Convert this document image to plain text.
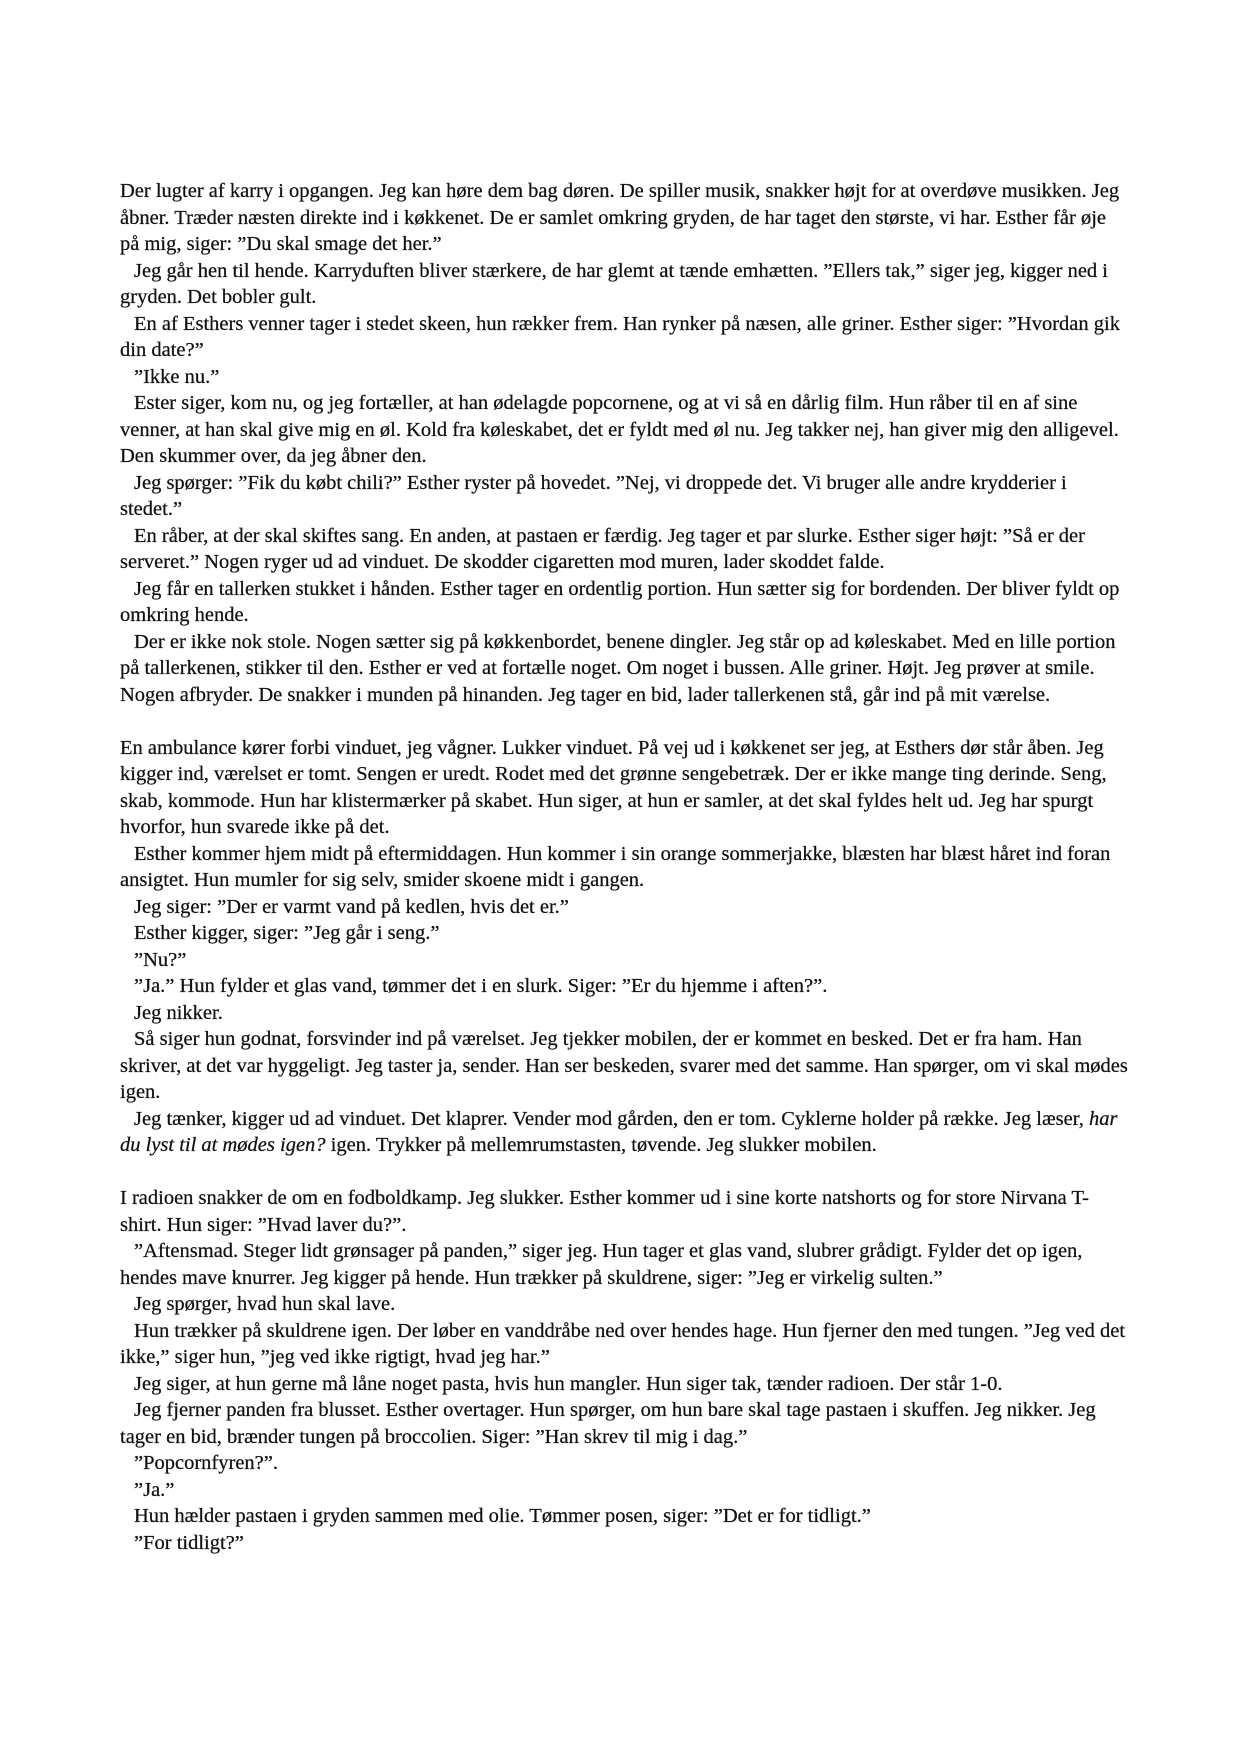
Der lugter af karry i opgangen. Jeg kan høre dem bag døren. De spiller musik, snakker højt for at overdøve musikken. Jeg åbner. Træder næsten direkte ind i køkkenet. De er samlet omkring gryden, de har taget den største, vi har. Esther får øje på mig, siger: ”Du skal smage det her.”

Jeg går hen til hende. Karryduften bliver stærkere, de har glemt at tænde emhætten. ”Ellers tak,” siger jeg, kigger ned i gryden. Det bobler gult.

En af Esthers venner tager i stedet skeen, hun rækker frem. Han rynker på næsen, alle griner. Esther siger: ”Hvordan gik din date?”

”Ikke nu.”

Ester siger, kom nu, og jeg fortæller, at han ødelagde popcornene, og at vi så en dårlig film. Hun råber til en af sine venner, at han skal give mig en øl. Kold fra køleskabet, det er fyldt med øl nu. Jeg takker nej, han giver mig den alligevel. Den skummer over, da jeg åbner den.

Jeg spørger: ”Fik du købt chili?” Esther ryster på hovedet. ”Nej, vi droppede det. Vi bruger alle andre krydderier i stedet.”

En råber, at der skal skiftes sang. En anden, at pastaen er færdig. Jeg tager et par slurke. Esther siger højt: ”Så er der serveret.” Nogen ryger ud ad vinduet. De skodder cigaretten mod muren, lader skoddet falde.

Jeg får en tallerken stukket i hånden. Esther tager en ordentlig portion. Hun sætter sig for bordenden. Der bliver fyldt op omkring hende.

Der er ikke nok stole. Nogen sætter sig på køkkenbordet, benene dingler. Jeg står op ad køleskabet. Med en lille portion på tallerkenen, stikker til den. Esther er ved at fortælle noget. Om noget i bussen. Alle griner. Højt. Jeg prøver at smile. Nogen afbryder. De snakker i munden på hinanden. Jeg tager en bid, lader tallerkenen stå, går ind på mit værelse.

En ambulance kører forbi vinduet, jeg vågner. Lukker vinduet. På vej ud i køkkenet ser jeg, at Esthers dør står åben. Jeg kigger ind, værelset er tomt. Sengen er uredt. Rodet med det grønne sengebetræk. Der er ikke mange ting derinde. Seng, skab, kommode. Hun har klistermærker på skabet. Hun siger, at hun er samler, at det skal fyldes helt ud. Jeg har spurgt hvorfor, hun svarede ikke på det.

Esther kommer hjem midt på eftermiddagen. Hun kommer i sin orange sommerjakke, blæsten har blæst håret ind foran ansigtet. Hun mumler for sig selv, smider skoene midt i gangen.

Jeg siger: ”Der er varmt vand på kedlen, hvis det er.”

Esther kigger, siger: ”Jeg går i seng.”

”Nu?”

”Ja.” Hun fylder et glas vand, tømmer det i en slurk. Siger: ”Er du hjemme i aften?”.

Jeg nikker.

Så siger hun godnat, forsvinder ind på værelset. Jeg tjekker mobilen, der er kommet en besked. Det er fra ham. Han skriver, at det var hyggeligt. Jeg taster ja, sender. Han ser beskeden, svarer med det samme. Han spørger, om vi skal mødes igen.

Jeg tænker, kigger ud ad vinduet. Det klaprer. Vender mod gården, den er tom. Cyklerne holder på række. Jeg læser, har du lyst til at mødes igen? igen. Trykker på mellemrumstasten, tøvende. Jeg slukker mobilen.

I radioen snakker de om en fodboldkamp. Jeg slukker. Esther kommer ud i sine korte natshorts og for store Nirvana T-shirt. Hun siger: ”Hvad laver du?”.

”Aftensmad. Steger lidt grønsager på panden,” siger jeg. Hun tager et glas vand, slubrer grådigt. Fylder det op igen, hendes mave knurrer. Jeg kigger på hende. Hun trækker på skuldrene, siger: ”Jeg er virkelig sulten.”

Jeg spørger, hvad hun skal lave.

Hun trækker på skuldrene igen. Der løber en vanddråbe ned over hendes hage. Hun fjerner den med tungen. ”Jeg ved det ikke,” siger hun, ”jeg ved ikke rigtigt, hvad jeg har.”

Jeg siger, at hun gerne må låne noget pasta, hvis hun mangler. Hun siger tak, tænder radioen. Der står 1-0.

Jeg fjerner panden fra blusset. Esther overtager. Hun spørger, om hun bare skal tage pastaen i skuffen. Jeg nikker. Jeg tager en bid, brænder tungen på broccolien. Siger: ”Han skrev til mig i dag.”

”Popcornfyren?”.

”Ja.”

Hun hælder pastaen i gryden sammen med olie. Tømmer posen, siger: ”Det er for tidligt.”

”For tidligt?”
